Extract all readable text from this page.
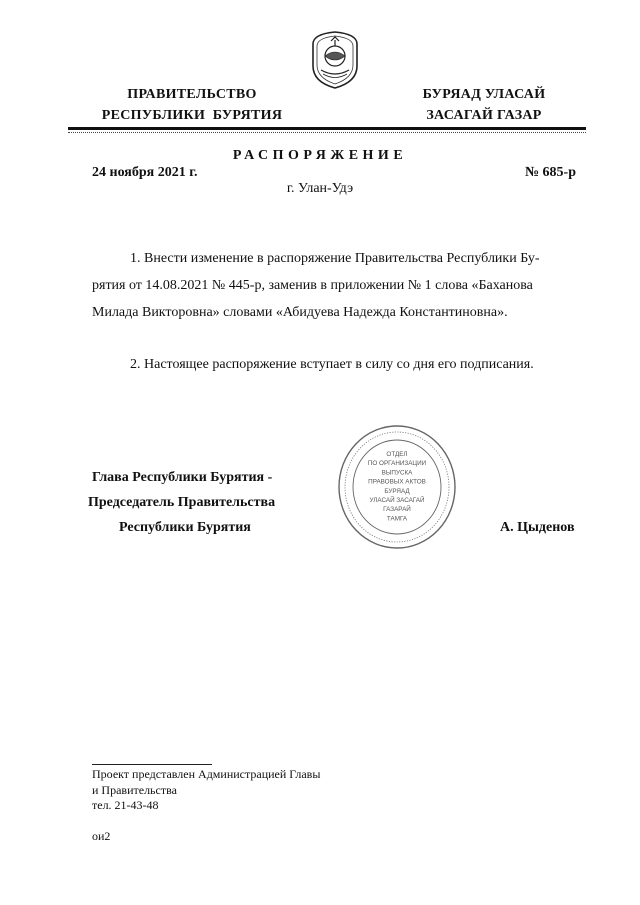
ПРАВИТЕЛЬСТВО
РЕСПУБЛИКИ  БУРЯТИЯ
БУРЯАД УЛАСАЙ
ЗАСАГАЙ ГАЗАР
РАСПОРЯЖЕНИЕ
24 ноября 2021 г.	№ 685-р
г. Улан-Удэ
1. Внести изменение в распоряжение Правительства Республики Бу-
рятия от 14.08.2021 № 445-р, заменив в приложении № 1 слова «Баханова
Милада Викторовна» словами «Абидуева Надежда Константиновна».
2. Настоящее распоряжение вступает в силу со дня его подписания.
ОТДЕЛ
ПО ОРГАНИЗАЦИИ
ВЫПУСКА
ПРАВОВЫХ АКТОВ
БУРЯАД
УЛАСАЙ ЗАСАГАЙ
ГАЗАРАЙ
ТАМГА
Глава Республики Бурятия -
Председатель Правительства
Республики Бурятия	А. Цыденов
Проект представлен Администрацией Главы
и Правительства
тел. 21-43-48
ои2
